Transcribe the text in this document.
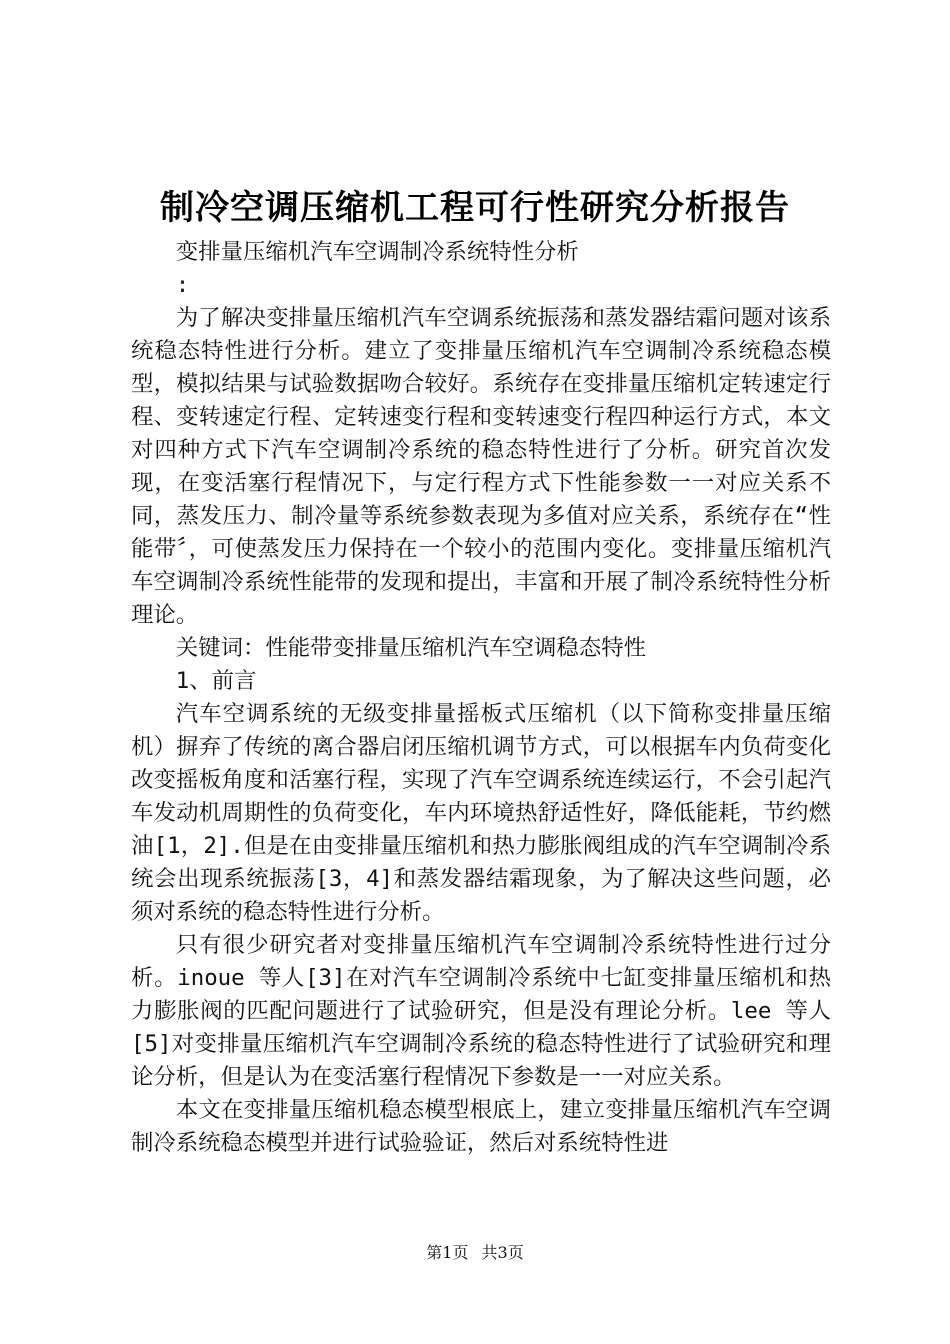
制冷空调压缩机工程可行性研究分析报告

变排量压缩机汽车空调制冷系统特性分析

:

为了解决变排量压缩机汽车空调系统振荡和蒸发器结霜问题对该系统稳态特性进行分析。建立了变排量压缩机汽车空调制冷系统稳态模型，模拟结果与试验数据吻合较好。系统存在变排量压缩机定转速定行程、变转速定行程、定转速变行程和变转速变行程四种运行方式，本文对四种方式下汽车空调制冷系统的稳态特性进行了分析。研究首次发现，在变活塞行程情况下，与定行程方式下性能参数一一对应关系不同，蒸发压力、制冷量等系统参数表现为多值对应关系，系统存在“性能带〞，可使蒸发压力保持在一个较小的范围内变化。变排量压缩机汽车空调制冷系统性能带的发现和提出，丰富和开展了制冷系统特性分析理论。

关键词：性能带变排量压缩机汽车空调稳态特性

1、前言

汽车空调系统的无级变排量摇板式压缩机（以下简称变排量压缩机）摒弃了传统的离合器启闭压缩机调节方式，可以根据车内负荷变化改变摇板角度和活塞行程，实现了汽车空调系统连续运行，不会引起汽车发动机周期性的负荷变化，车内环境热舒适性好，降低能耗，节约燃油[1，2].但是在由变排量压缩机和热力膨胀阀组成的汽车空调制冷系统会出现系统振荡[3，4]和蒸发器结霜现象，为了解决这些问题，必须对系统的稳态特性进行分析。

只有很少研究者对变排量压缩机汽车空调制冷系统特性进行过分析。inoue 等人[3]在对汽车空调制冷系统中七缸变排量压缩机和热力膨胀阀的匹配问题进行了试验研究，但是没有理论分析。lee 等人[5]对变排量压缩机汽车空调制冷系统的稳态特性进行了试验研究和理论分析，但是认为在变活塞行程情况下参数是一一对应关系。

本文在变排量压缩机稳态模型根底上，建立变排量压缩机汽车空调制冷系统稳态模型并进行试验验证，然后对系统特性进

第1页 共3页
